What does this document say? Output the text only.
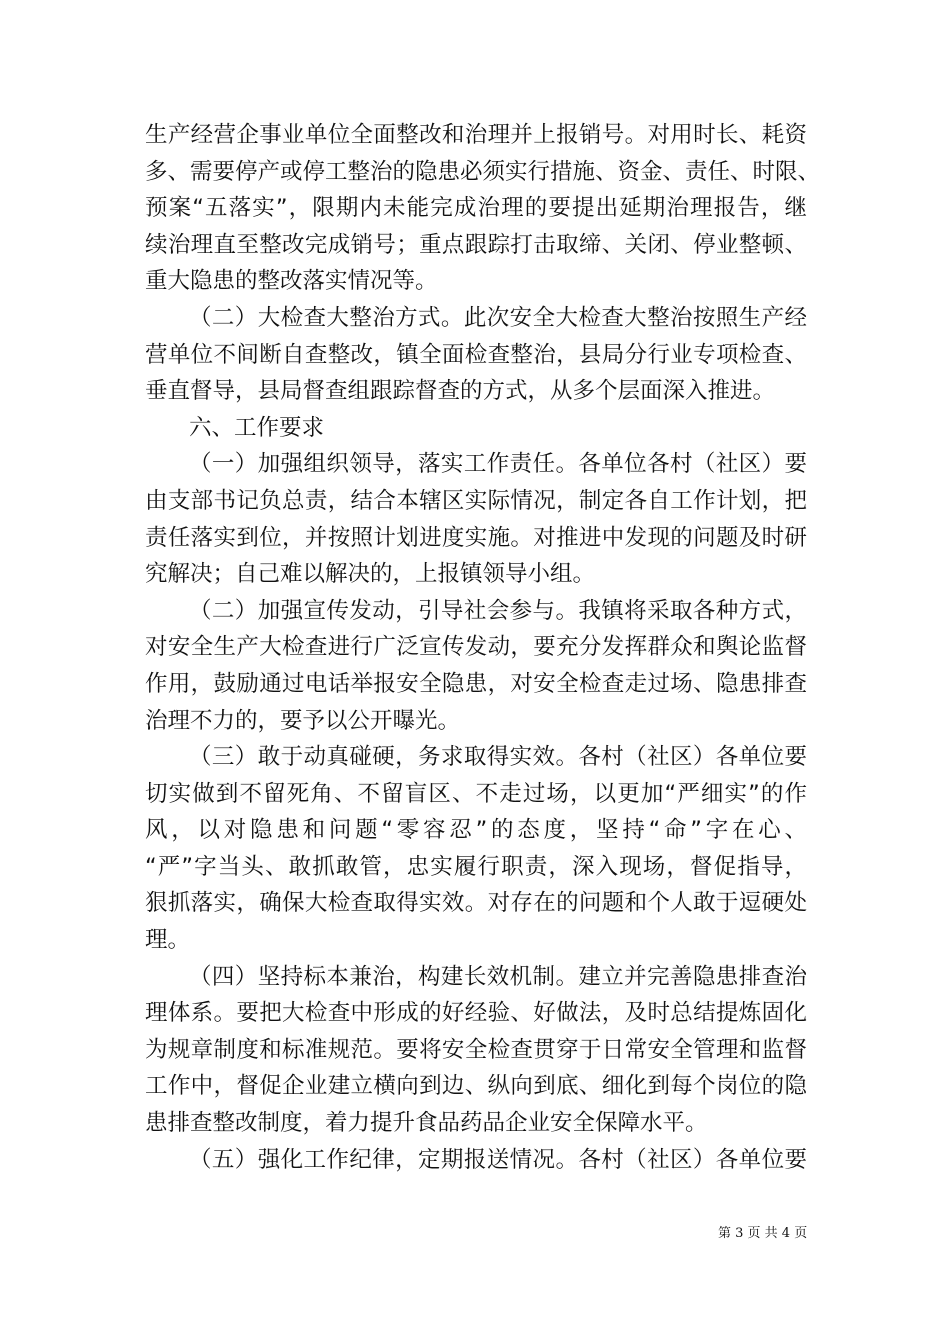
生产经营企事业单位全面整改和治理并上报销号。对用时长、耗资
多、需要停产或停工整治的隐患必须实行措施、资金、责任、时限、
预案“五落实”，限期内未能完成治理的要提出延期治理报告，继
续治理直至整改完成销号；重点跟踪打击取缔、关闭、停业整顿、
重大隐患的整改落实情况等。
（二）大检查大整治方式。此次安全大检查大整治按照生产经
营单位不间断自查整改，镇全面检查整治，县局分行业专项检查、
垂直督导，县局督查组跟踪督查的方式，从多个层面深入推进。
六、工作要求
（一）加强组织领导，落实工作责任。各单位各村（社区）要
由支部书记负总责，结合本辖区实际情况，制定各自工作计划，把
责任落实到位，并按照计划进度实施。对推进中发现的问题及时研
究解决；自己难以解决的，上报镇领导小组。
（二）加强宣传发动，引导社会参与。我镇将采取各种方式，
对安全生产大检查进行广泛宣传发动，要充分发挥群众和舆论监督
作用，鼓励通过电话举报安全隐患，对安全检查走过场、隐患排查
治理不力的，要予以公开曝光。
（三）敢于动真碰硬，务求取得实效。各村（社区）各单位要
切实做到不留死角、不留盲区、不走过场，以更加“严细实”的作
风，以对隐患和问题“零容忍”的态度，坚持“命”字在心、
“严”字当头、敢抓敢管，忠实履行职责，深入现场，督促指导，
狠抓落实，确保大检查取得实效。对存在的问题和个人敢于逗硬处
理。
（四）坚持标本兼治，构建长效机制。建立并完善隐患排查治
理体系。要把大检查中形成的好经验、好做法，及时总结提炼固化
为规章制度和标准规范。要将安全检查贯穿于日常安全管理和监督
工作中，督促企业建立横向到边、纵向到底、细化到每个岗位的隐
患排查整改制度，着力提升食品药品企业安全保障水平。
（五）强化工作纪律，定期报送情况。各村（社区）各单位要
第 3 页 共 4 页
